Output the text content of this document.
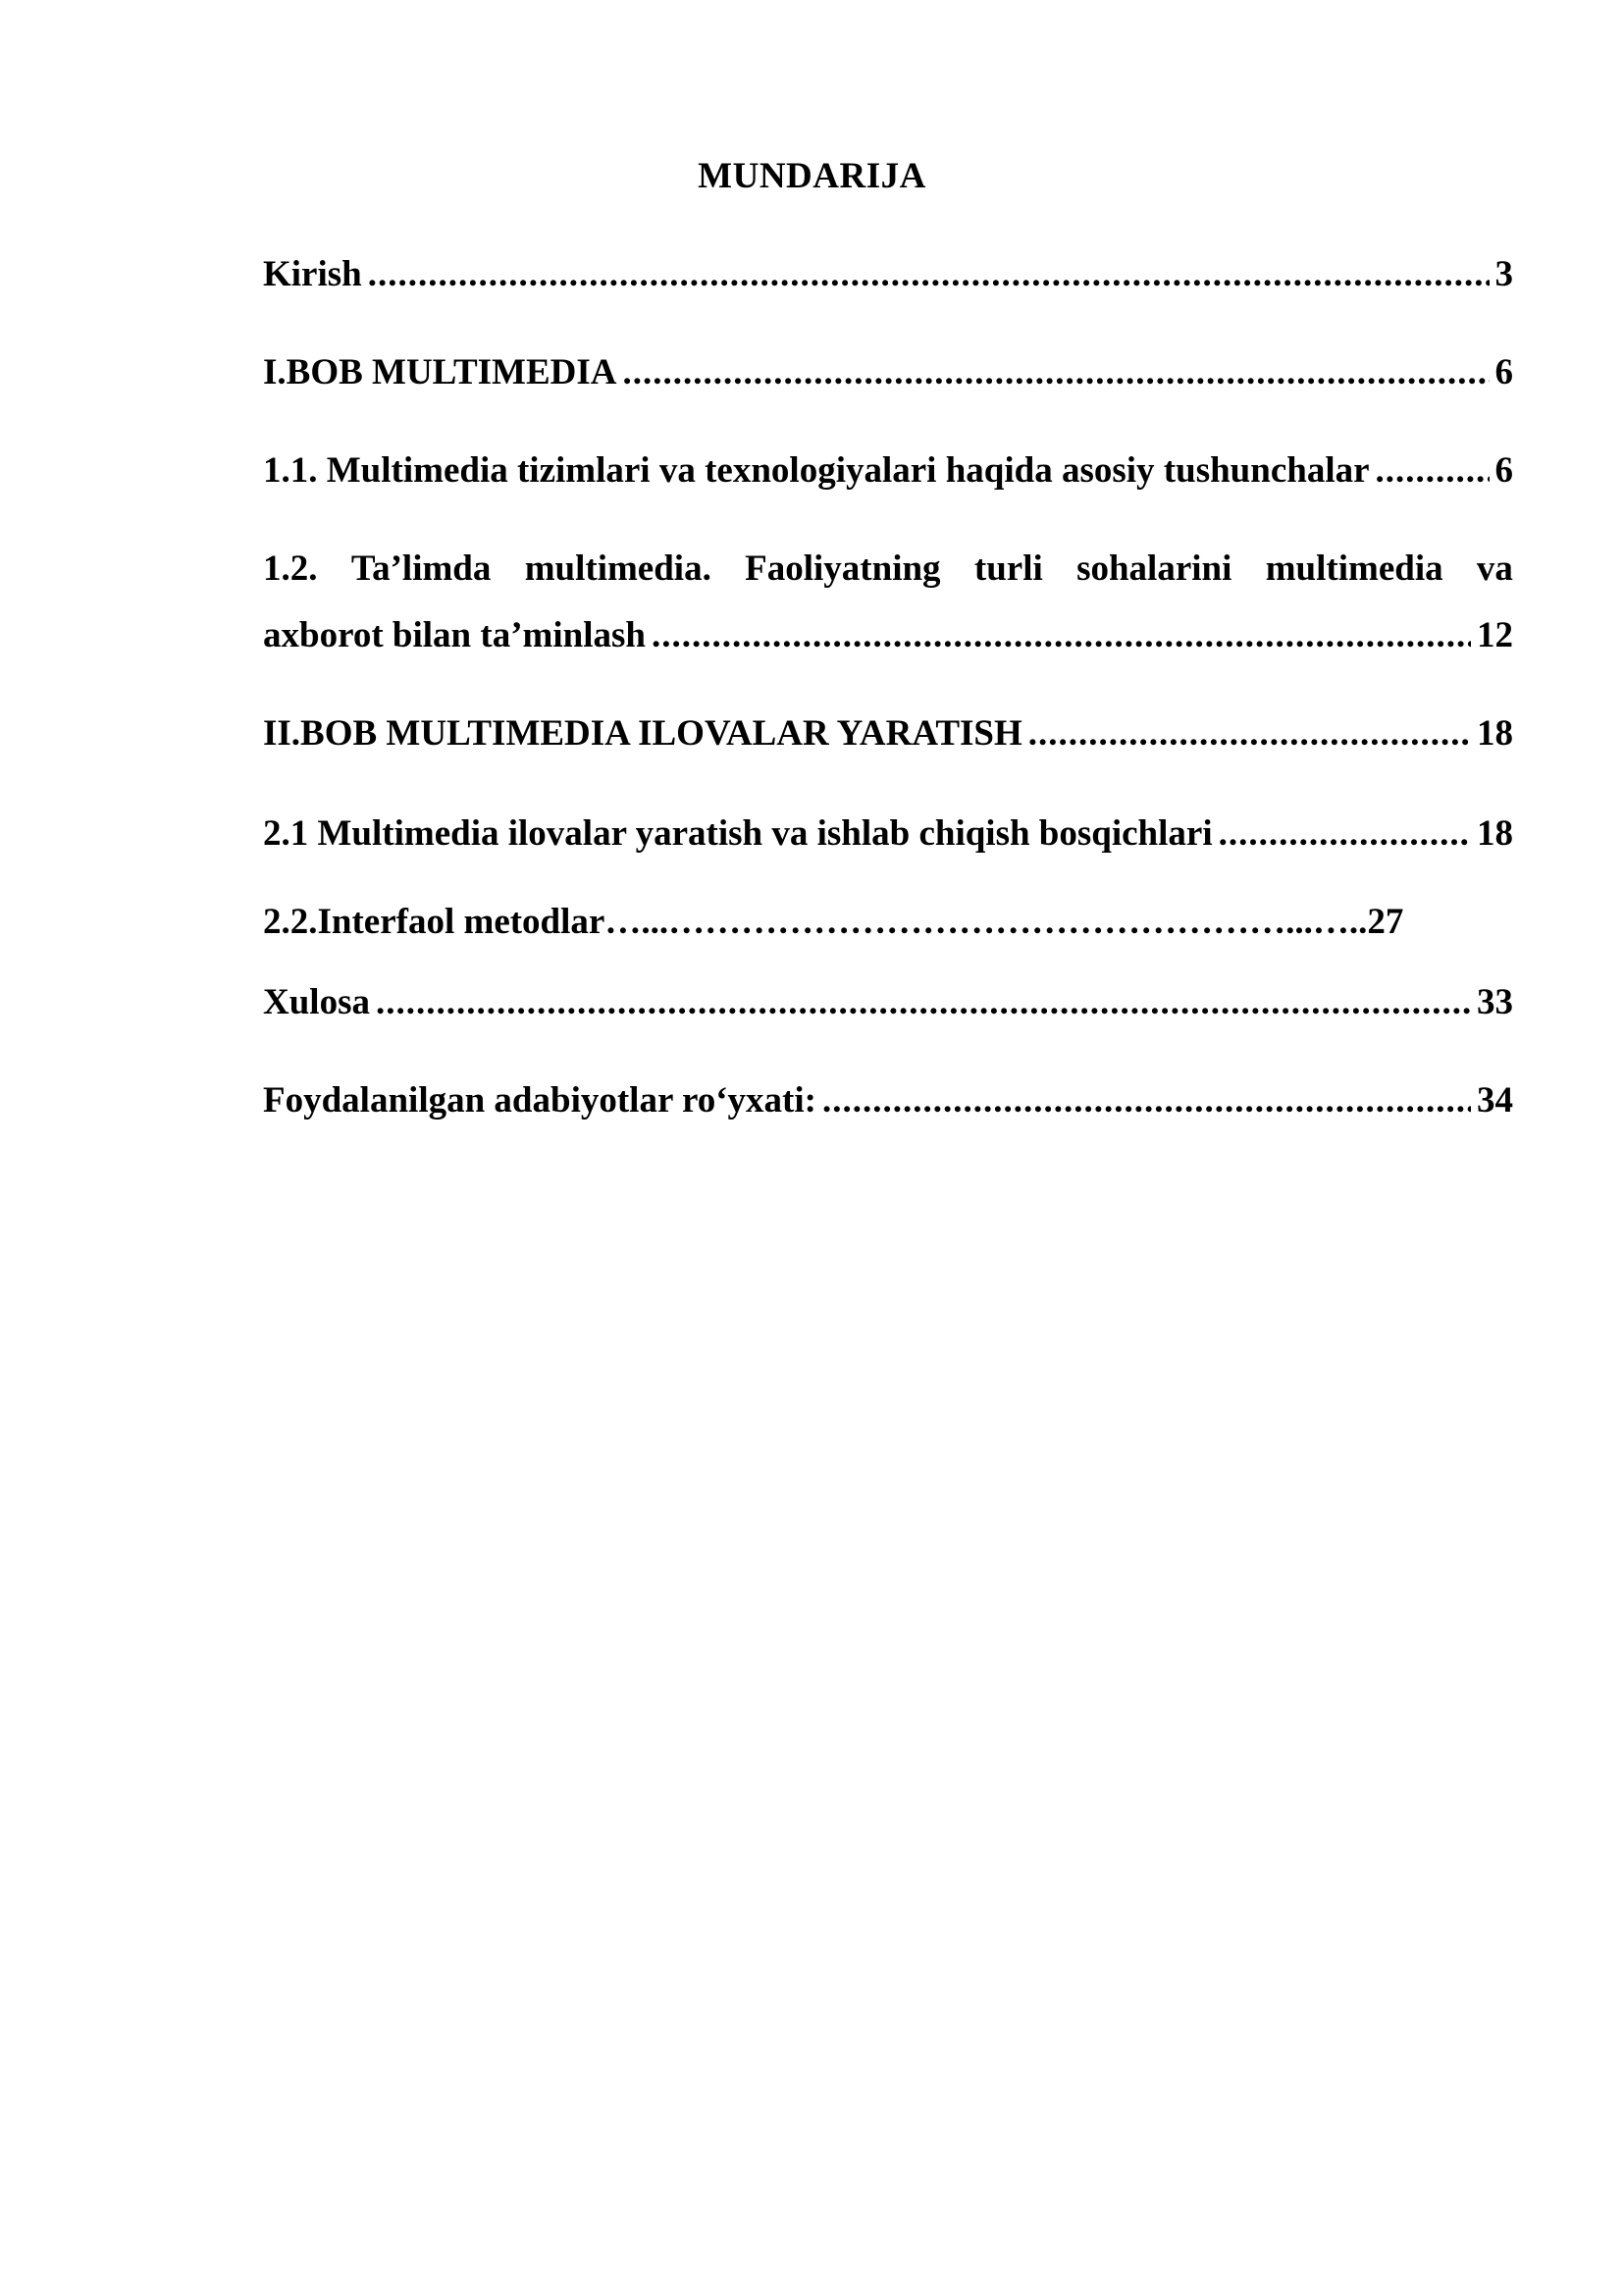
MUNDARIJA
Kirish .....	3
I.BOB MULTIMEDIA .....	6
1.1. Multimedia tizimlari va texnologiyalari haqida asosiy tushunchalar .....	6
1.2. Ta’limda multimedia. Faoliyatning turli sohalarini multimedia va
axborot bilan ta’minlash .....	12
II.BOB MULTIMEDIA ILOVALAR YARATISH .....	18
2.1 Multimedia ilovalar yaratish va ishlab chiqish bosqichlari .....	18
2.2.Interfaol metodlar…...……………………………………………...…..27
Xulosa .....	33
Foydalanilgan adabiyotlar ro‘yxati: .....	34
